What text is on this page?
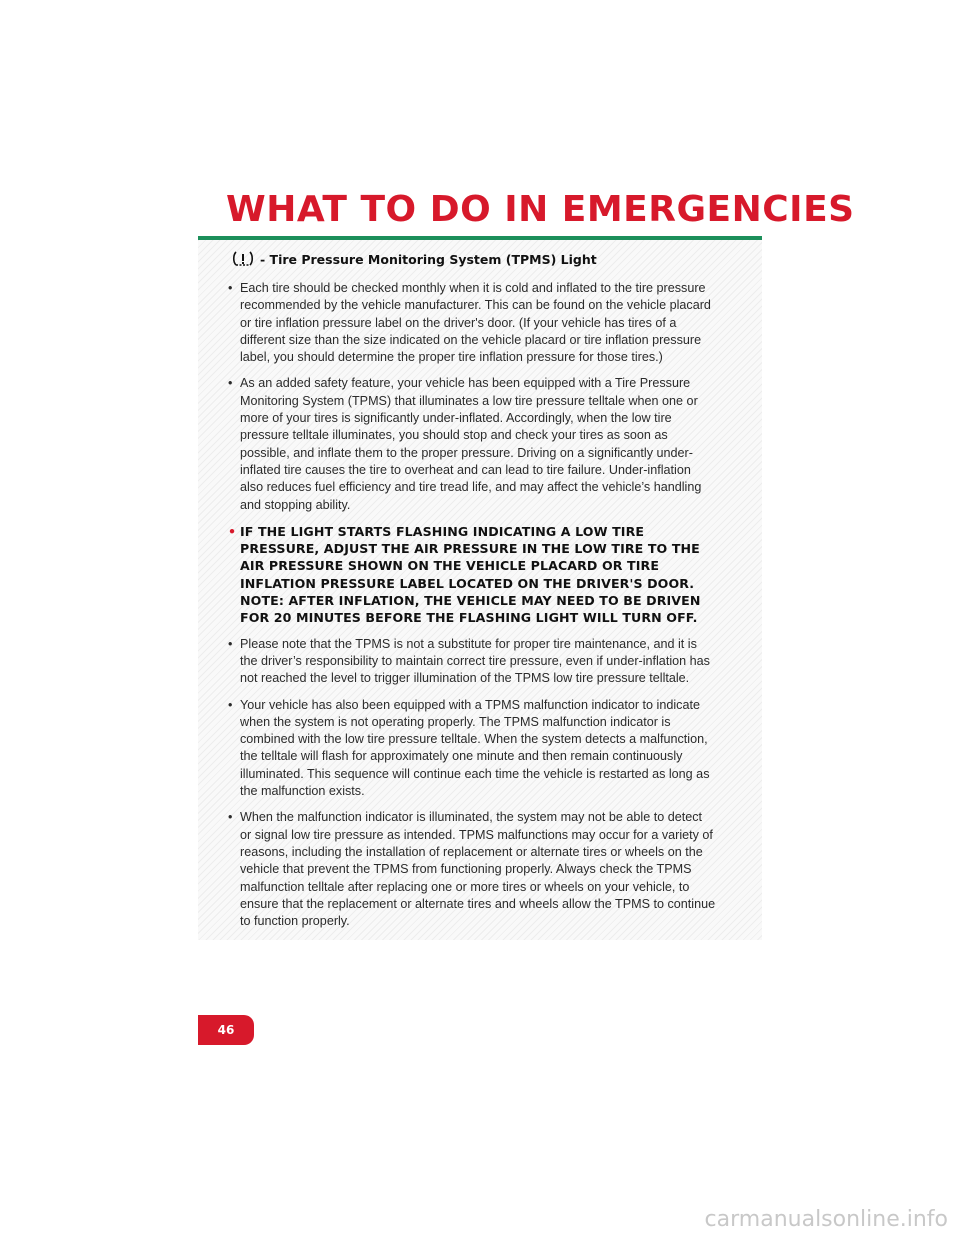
WHAT TO DO IN EMERGENCIES
- Tire Pressure Monitoring System (TPMS) Light

• Each tire should be checked monthly when it is cold and inflated to the tire pressure recommended by the vehicle manufacturer. This can be found on the vehicle placard or tire inflation pressure label on the driver's door. (If your vehicle has tires of a different size than the size indicated on the vehicle placard or tire inflation pressure label, you should determine the proper tire inflation pressure for those tires.)

• As an added safety feature, your vehicle has been equipped with a Tire Pressure Monitoring System (TPMS) that illuminates a low tire pressure telltale when one or more of your tires is significantly under-inflated. Accordingly, when the low tire pressure telltale illuminates, you should stop and check your tires as soon as possible, and inflate them to the proper pressure. Driving on a significantly under-inflated tire causes the tire to overheat and can lead to tire failure. Under-inflation also reduces fuel efficiency and tire tread life, and may affect the vehicle’s handling and stopping ability.

• IF THE LIGHT STARTS FLASHING INDICATING A LOW TIRE PRESSURE, ADJUST THE AIR PRESSURE IN THE LOW TIRE TO THE AIR PRESSURE SHOWN ON THE VEHICLE PLACARD OR TIRE INFLATION PRESSURE LABEL LOCATED ON THE DRIVER'S DOOR. NOTE: AFTER INFLATION, THE VEHICLE MAY NEED TO BE DRIVEN FOR 20 MINUTES BEFORE THE FLASHING LIGHT WILL TURN OFF.

• Please note that the TPMS is not a substitute for proper tire maintenance, and it is the driver’s responsibility to maintain correct tire pressure, even if under-inflation has not reached the level to trigger illumination of the TPMS low tire pressure telltale.

• Your vehicle has also been equipped with a TPMS malfunction indicator to indicate when the system is not operating properly. The TPMS malfunction indicator is combined with the low tire pressure telltale. When the system detects a malfunction, the telltale will flash for approximately one minute and then remain continuously illuminated. This sequence will continue each time the vehicle is restarted as long as the malfunction exists.

• When the malfunction indicator is illuminated, the system may not be able to detect or signal low tire pressure as intended. TPMS malfunctions may occur for a variety of reasons, including the installation of replacement or alternate tires or wheels on the vehicle that prevent the TPMS from functioning properly. Always check the TPMS malfunction telltale after replacing one or more tires or wheels on your vehicle, to ensure that the replacement or alternate tires and wheels allow the TPMS to continue to function properly.

46
carmanualsonline.info
